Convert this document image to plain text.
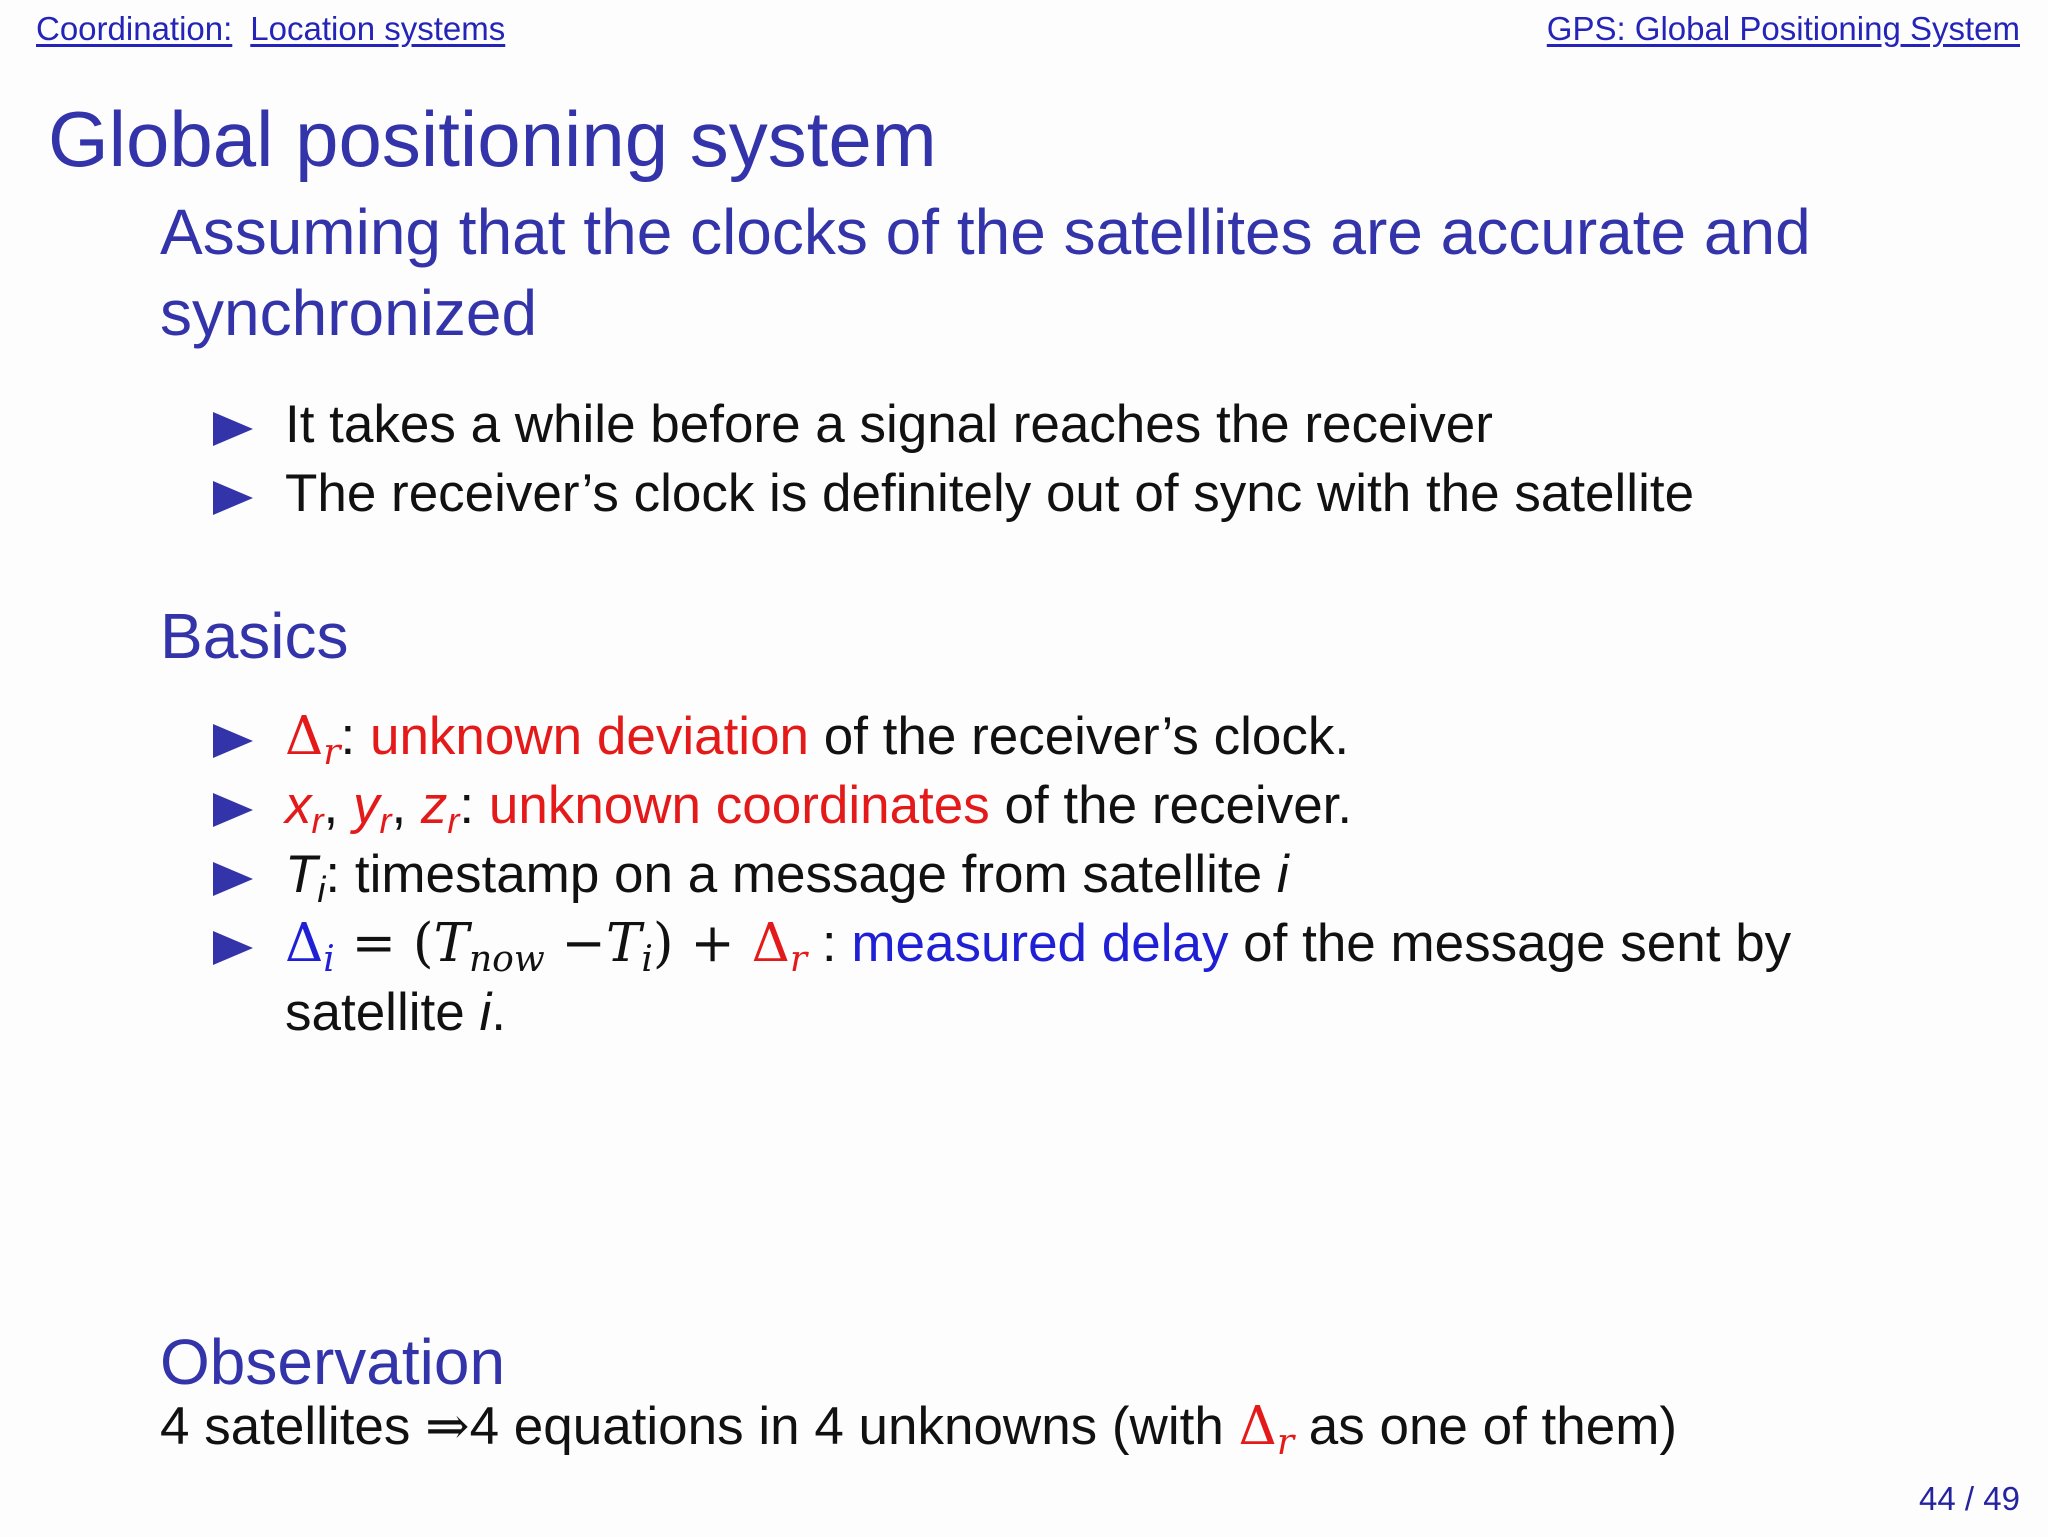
Coordination: Location systems	GPS: Global Positioning System
Global positioning system
Assuming that the clocks of the satellites are accurate and synchronized
It takes a while before a signal reaches the receiver
The receiver’s clock is definitely out of sync with the satellite
Basics
$\Delta_r$: unknown deviation of the receiver’s clock.
$x_r$, $y_r$, $z_r$: unknown coordinates of the receiver.
$T_i$: timestamp on a message from satellite i
$\Delta_i = (T_{now} -T_i) + \Delta_r$ : measured delay of the message sent by
satellite i.
Observation
4 satellites ⇒4 equations in 4 unknowns (with $\Delta_r$ as one of them)
44 / 49
